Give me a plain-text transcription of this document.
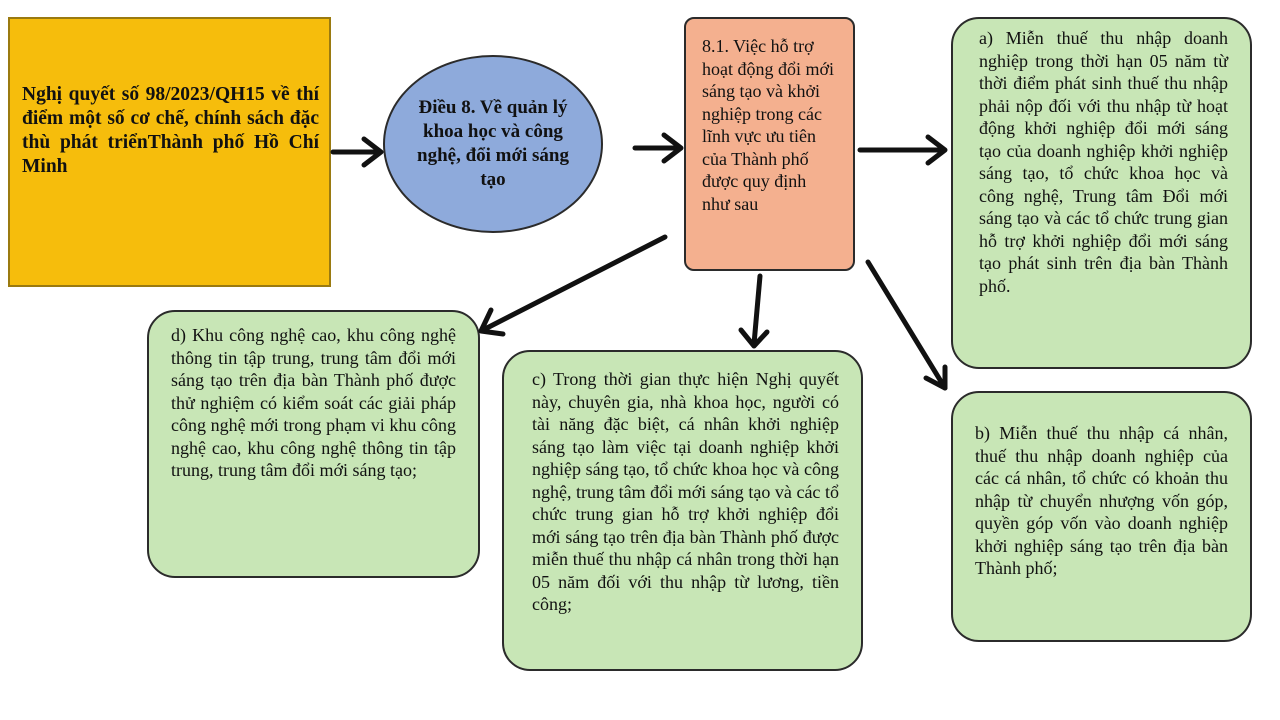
Nghị quyết số 98/2023/QH15 về thí điểm một số cơ chế, chính sách đặc thù phát triểnThành phố Hồ Chí Minh
Điều 8. Về quản lý khoa học và công nghệ, đổi mới sáng tạo
8.1. Việc hỗ trợ hoạt động đổi mới sáng tạo và khởi nghiệp trong các lĩnh vực ưu tiên của Thành phố được quy định như sau
a) Miễn thuế thu nhập doanh nghiệp trong thời hạn 05 năm từ thời điểm phát sinh thuế thu nhập phải nộp đối với thu nhập từ hoạt động khởi nghiệp đổi mới sáng tạo của doanh nghiệp khởi nghiệp sáng tạo, tổ chức khoa học và công nghệ, Trung tâm Đổi mới sáng tạo và các tổ chức trung gian hỗ trợ khởi nghiệp đổi mới sáng tạo phát sinh trên địa bàn Thành phố.
b) Miễn thuế thu nhập cá nhân, thuế thu nhập doanh nghiệp của các cá nhân, tổ chức có khoản thu nhập từ chuyển nhượng vốn góp, quyền góp vốn vào doanh nghiệp khởi nghiệp sáng tạo trên địa bàn Thành phố;
c) Trong thời gian thực hiện Nghị quyết này, chuyên gia, nhà khoa học, người có tài năng đặc biệt, cá nhân khởi nghiệp sáng tạo làm việc tại doanh nghiệp khởi nghiệp sáng tạo, tổ chức khoa học và công nghệ, trung tâm đổi mới sáng tạo và các tổ chức trung gian hỗ trợ khởi nghiệp đổi mới sáng tạo trên địa bàn Thành phố được miễn thuế thu nhập cá nhân trong thời hạn 05 năm đối với thu nhập từ lương, tiền công;
d) Khu công nghệ cao, khu công nghệ thông tin tập trung, trung tâm đổi mới sáng tạo trên địa bàn Thành phố được thử nghiệm có kiểm soát các giải pháp công nghệ mới trong phạm vi khu công nghệ cao, khu công nghệ thông tin tập trung, trung tâm đổi mới sáng tạo;
